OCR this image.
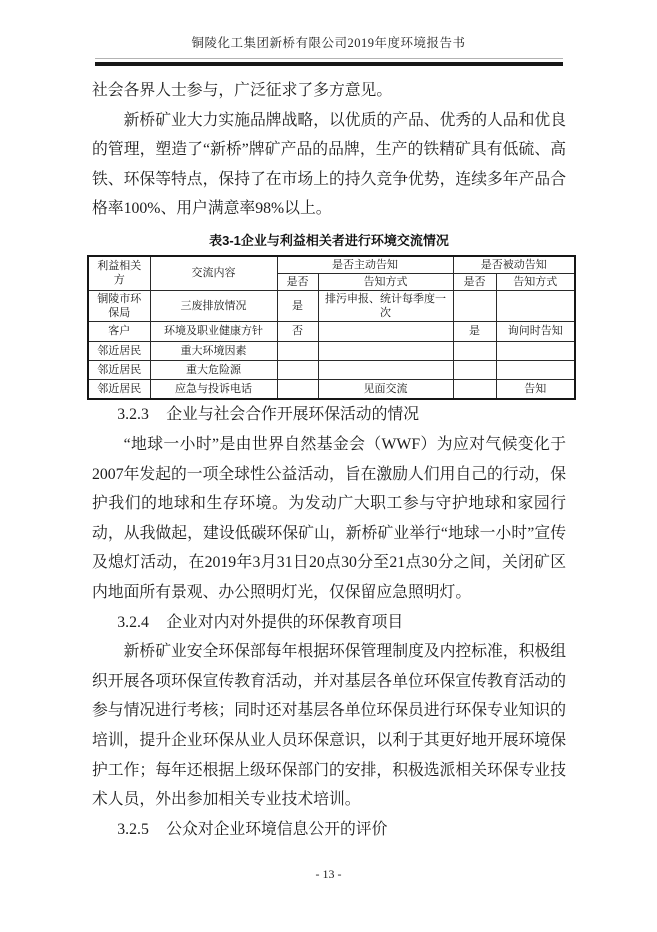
铜陵化工集团新桥有限公司2019年度环境报告书

社会各界人士参与，广泛征求了多方意见。

新桥矿业大力实施品牌战略，以优质的产品、优秀的人品和优良的管理，塑造了“新桥”牌矿产品的品牌，生产的铁精矿具有低硫、高铁、环保等特点，保持了在市场上的持久竞争优势，连续多年产品合格率100%、用户满意率98%以上。

表3-1企业与利益相关者进行环境交流情况
利益相关方	交流内容	是否主动告知		是否被动告知	
		是否	告知方式	是否	告知方式
铜陵市环保局	三废排放情况	是	排污申报、统计每季度一次		
客户	环境及职业健康方针	否		是	询问时告知
邻近居民	重大环境因素				
邻近居民	重大危险源				
邻近居民	应急与投诉电话		见面交流		告知

3.2.3 企业与社会合作开展环保活动的情况

“地球一小时”是由世界自然基金会（WWF）为应对气候变化于2007年发起的一项全球性公益活动，旨在激励人们用自己的行动，保护我们的地球和生存环境。为发动广大职工参与守护地球和家园行动，从我做起，建设低碳环保矿山，新桥矿业举行“地球一小时”宣传及熄灯活动，在2019年3月31日20点30分至21点30分之间，关闭矿区内地面所有景观、办公照明灯光，仅保留应急照明灯。

3.2.4 企业对内对外提供的环保教育项目

新桥矿业安全环保部每年根据环保管理制度及内控标准，积极组织开展各项环保宣传教育活动，并对基层各单位环保宣传教育活动的参与情况进行考核；同时还对基层各单位环保员进行环保专业知识的培训，提升企业环保从业人员环保意识，以利于其更好地开展环境保护工作；每年还根据上级环保部门的安排，积极选派相关环保专业技术人员，外出参加相关专业技术培训。

3.2.5 公众对企业环境信息公开的评价

- 13 -
